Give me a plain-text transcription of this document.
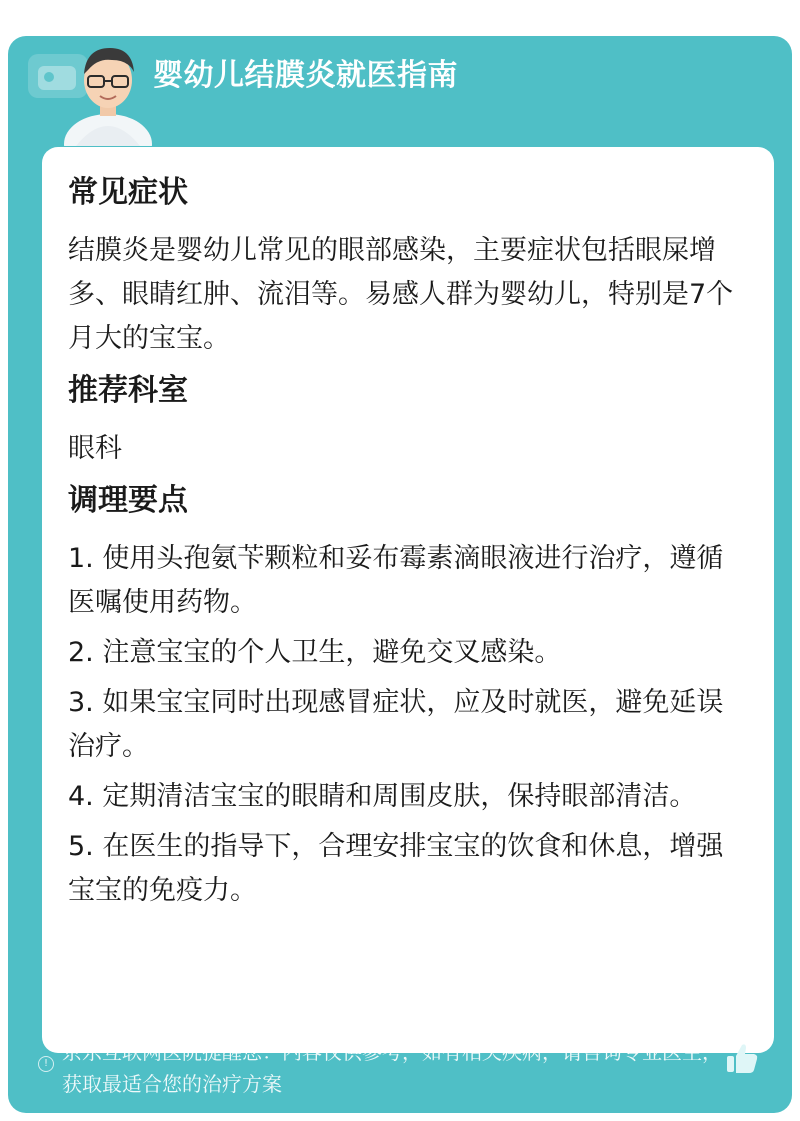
婴幼儿结膜炎就医指南
常见症状
结膜炎是婴幼儿常见的眼部感染，主要症状包括眼屎增多、眼睛红肿、流泪等。易感人群为婴幼儿，特别是7个月大的宝宝。
推荐科室
眼科
调理要点
1. 使用头孢氨苄颗粒和妥布霉素滴眼液进行治疗，遵循医嘱使用药物。
2. 注意宝宝的个人卫生，避免交叉感染。
3. 如果宝宝同时出现感冒症状，应及时就医，避免延误治疗。
4. 定期清洁宝宝的眼睛和周围皮肤，保持眼部清洁。
5. 在医生的指导下，合理安排宝宝的饮食和休息，增强宝宝的免疫力。
! 京东互联网医院提醒您：内容仅供参考，如有相关疾病，请咨询专业医生，获取最适合您的治疗方案
